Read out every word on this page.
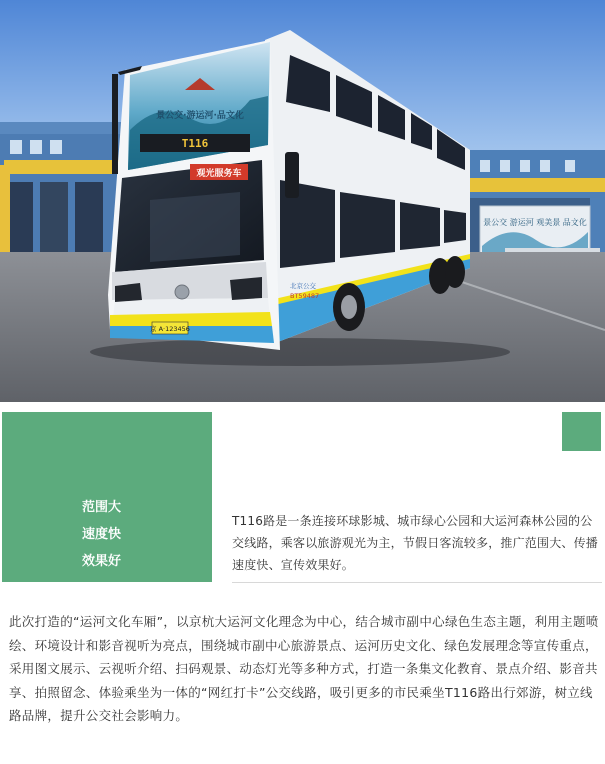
景公交 游运河 观美景 品文化
景公交·游运河·品文化
T116
观光服务车
京 A·123456
北京公交
BT59487
范围大
速度快
效果好
T116路是一条连接环球影城、城市绿心公园和大运河森林公园的公交线路，乘客以旅游观光为主，节假日客流较多，推广范围大、传播速度快、宣传效果好。
此次打造的“运河文化车厢”，以京杭大运河文化理念为中心，结合城市副中心绿色生态主题，利用主题喷绘、环境设计和影音视听为亮点，围绕城市副中心旅游景点、运河历史文化、绿色发展理念等宣传重点，采用图文展示、云视听介绍、扫码观景、动态灯光等多种方式，打造一条集文化教育、景点介绍、影音共享、拍照留念、体验乘坐为一体的“网红打卡”公交线路，吸引更多的市民乘坐T116路出行郊游，树立线路品牌，提升公交社会影响力。
